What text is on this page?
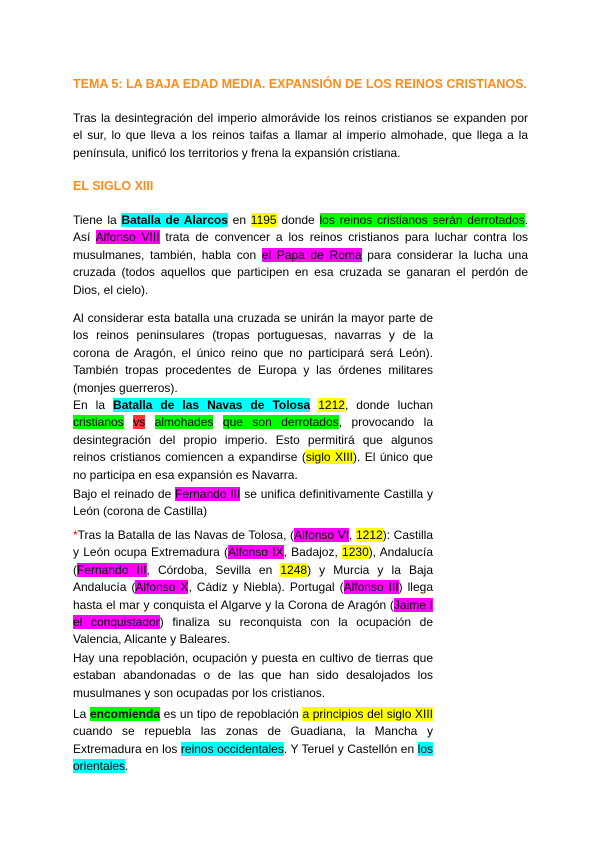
TEMA 5: LA BAJA EDAD MEDIA. EXPANSIÓN DE LOS REINOS CRISTIANOS.

Tras la desintegración del imperio almorávide los reinos cristianos se expanden por el sur, lo que lleva a los reinos taifas a llamar al imperio almohade, que llega a la península, unificó los territorios y frena la expansión cristiana.

EL SIGLO XIII

Tiene la Batalla de Alarcos en 1195 donde los reinos cristianos serán derrotados. Así Alfonso VIII trata de convencer a los reinos cristianos para luchar contra los musulmanes, también, habla con el Papa de Roma para considerar la lucha una cruzada (todos aquellos que participen en esa cruzada se ganaran el perdón de Dios, el cielo).

Al considerar esta batalla una cruzada se unirán la mayor parte de los reinos peninsulares (tropas portuguesas, navarras y de la corona de Aragón, el único reino que no participará será León). También tropas procedentes de Europa y las órdenes militares (monjes guerreros).

En la Batalla de las Navas de Tolosa 1212, donde luchan cristianos vs almohades que son derrotados, provocando la desintegración del propio imperio. Esto permitirá que algunos reinos cristianos comiencen a expandirse (siglo XIII). El único que no participa en esa expansión es Navarra.

Bajo el reinado de Fernando III se unifica definitivamente Castilla y León (corona de Castilla)

*Tras la Batalla de las Navas de Tolosa, (Alfonso VI, 1212): Castilla y León ocupa Extremadura (Alfonso IX, Badajoz, 1230), Andalucía (Fernando III, Córdoba, Sevilla en 1248) y Murcia y la Baja Andalucía (Alfonso X, Cádiz y Niebla). Portugal (Alfonso III) llega hasta el mar y conquista el Algarve y la Corona de Aragón (Jaime I el conquistador) finaliza su reconquista con la ocupación de Valencia, Alicante y Baleares.

Hay una repoblación, ocupación y puesta en cultivo de tierras que estaban abandonadas o de las que han sido desalojados los musulmanes y son ocupadas por los cristianos.

La encomienda es un tipo de repoblación a principios del siglo XIII cuando se repuebla las zonas de Guadiana, la Mancha y Extremadura en los reinos occidentales. Y Teruel y Castellón en los orientales.
